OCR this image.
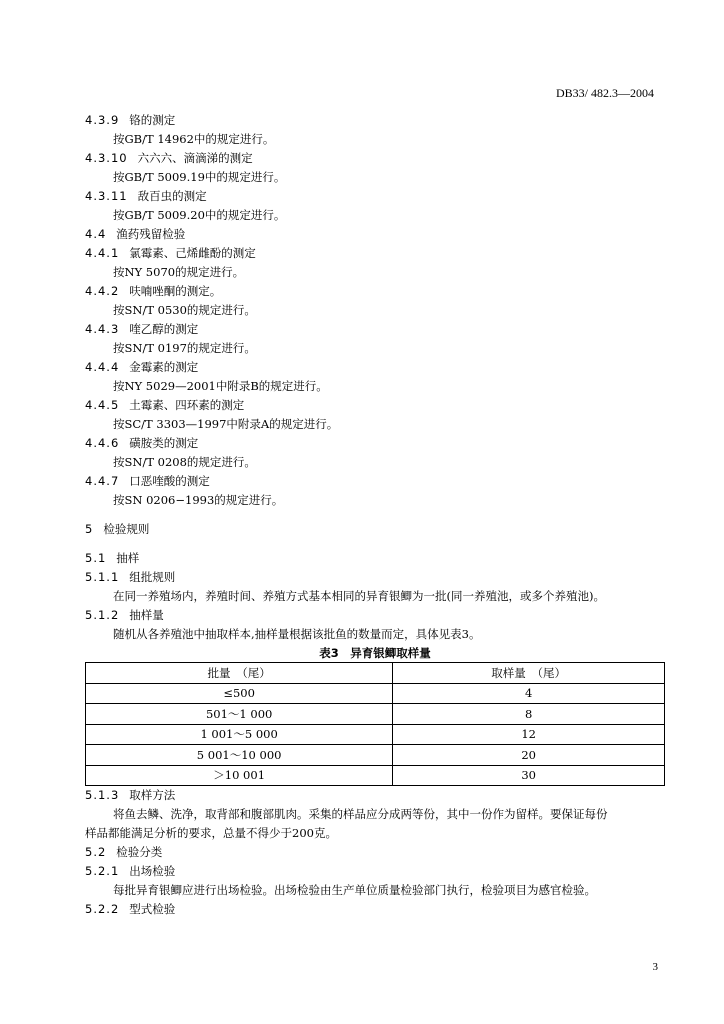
DB33/ 482.3—2004
4.3.9 铬的测定
按GB/T 14962中的规定进行。
4.3.10 六六六、滴滴涕的测定
按GB/T 5009.19中的规定进行。
4.3.11 敌百虫的测定
按GB/T 5009.20中的规定进行。
4.4 渔药残留检验
4.4.1 氯霉素、己烯雌酚的测定
按NY 5070的规定进行。
4.4.2 呋喃唑酮的测定。
按SN/T 0530的规定进行。
4.4.3 喹乙醇的测定
按SN/T 0197的规定进行。
4.4.4 金霉素的测定
按NY 5029—2001中附录B的规定进行。
4.4.5 土霉素、四环素的测定
按SC/T 3303—1997中附录A的规定进行。
4.4.6 磺胺类的测定
按SN/T 0208的规定进行。
4.4.7 口恶喹酸的测定
按SN 0206−1993的规定进行。
5 检验规则
5.1 抽样
5.1.1 组批规则
在同一养殖场内，养殖时间、养殖方式基本相同的异育银鲫为一批(同一养殖池，或多个养殖池)。
5.1.2 抽样量
随机从各养殖池中抽取样本,抽样量根据该批鱼的数量而定，具体见表3。
表3　异育银鲫取样量
批量　（尾）	取样量　（尾）
≤500	4
501～1 000	8
1 001～5 000	12
5 001～10 000	20
＞10 001	30
5.1.3 取样方法
将鱼去鳞、洗净，取背部和腹部肌肉。采集的样品应分成两等份，其中一份作为留样。要保证每份
样品都能满足分析的要求，总量不得少于200克。
5.2 检验分类
5.2.1 出场检验
每批异育银鲫应进行出场检验。出场检验由生产单位质量检验部门执行，检验项目为感官检验。
5.2.2 型式检验
3
